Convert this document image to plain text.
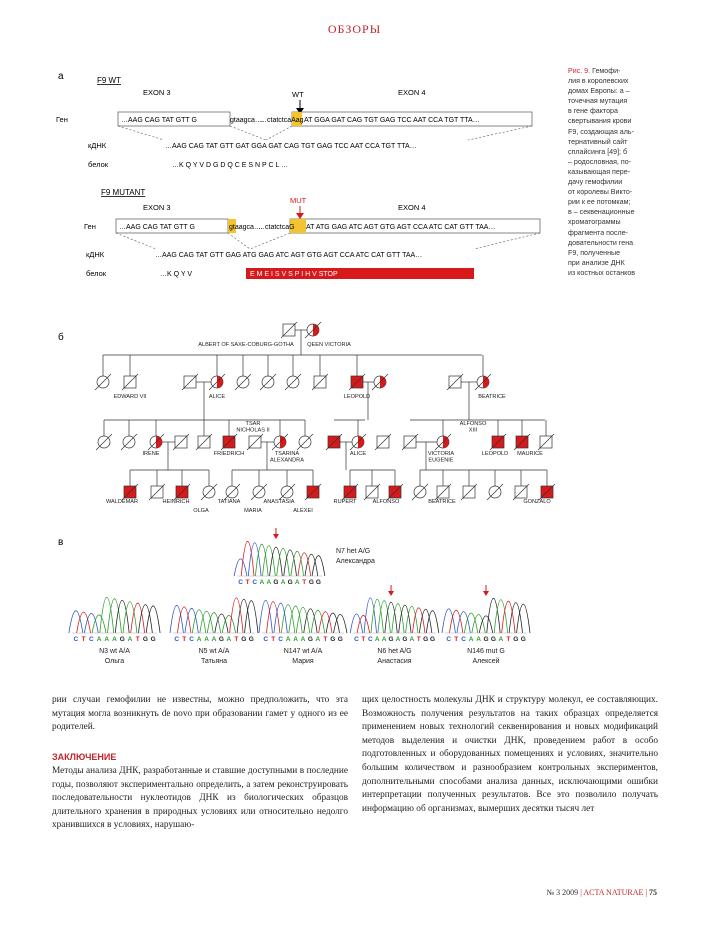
ОБЗОРЫ
а	F9 WT
EXON 3	EXON 4
WT
Ген	…AAG CAG TAT GTT G	gtaagca….
…ctatctcaAag AT GGA GAT CAG TGT GAG TCC AAT CCA TGT TTA…
кДНК	…AAG CAG TAT GTT GAT GGA GAT CAG TGT GAG TCC AAT CCA TGT TTA…
белок	…K Q Y V D G D Q C E S N P C L …
F9 MUTANT
EXON 3	EXON 4
MUT
Ген	…AAG CAG TAT GTT G	gtaagca….
…ctatctcaG AT ATG GAG ATC AGT GTG AGT CCA ATC CAT GTT TAA…
кДНК	…AAG CAG TAT GTT GAG ATG GAG ATC AGT GTG AGT CCA ATC CAT GTT TAA…
белок	…K Q Y V	E M E I S V S P I H V STOP
б
ALBERT OF SAXE-COBURG-GOTHA QEEN VICTORIA
EDWARD VII	ALICE	LEOPOLD	BEATRICE
TSAR NICHOLAS II
ALFONSO XIII
IRENE	FRIEDRICH	TSARINA ALEXANDRA
ALICE	VICTORIA EUGENIE
LEOPOLD MAURICE
WALDEMAR	HEINRICH
OLGA
TATIANA
MARIA
ANASTASIA
ALEXEI
RUPERT	ALFONSO	BEATRICE	GONZALO
в
C T C A A G A G A T G G
N7 het A/G
Александра
C T C A A A G A T G G
N3 wt A/A
Ольга
C T C A A A G A T G G
N5 wt A/A
Татьяна
C T C A A A G A T G G
N147 wt A/A
Мария
C T C A A G A G A T G G
N6 het A/G
Анастасия
C T C A A G G A T G G
N146 mut G
Алексей
Рис. 9. Гемофи-
лия в королевских
домах Европы: а –
точечная мутация
в гене фактора
свертывания крови
F9, создающая аль-
тернативный сайт
сплайсинга [49]; б
– родословная, по-
казывающая пере-
дачу гемофилии
от королевы Викто-
рии к ее потомкам;
в – секвенационные
хроматограммы
фрагмента после-
довательности гена
F9, полученные
при анализе ДНК
из костных останков
рии случаи гемофилии не известны, можно предположить, что эта мутация могла возникнуть de novo при образовании гамет у одного из ее родителей.
ЗАКЛЮЧЕНИЕ
Методы анализа ДНК, разработанные и ставшие доступными в последние годы, позволяют экспериментально определить, а затем реконструировать последовательности нуклеотидов ДНК из биологических образцов длительного хранения в природных условиях или относительно недолго хранившихся в условиях, нарушаю-
щих целостность молекулы ДНК и структуру молекул, ее составляющих. Возможность получения результатов на таких образцах определяется применением новых технологий секвенирования и новых модификаций методов выделения и очистки ДНК, проведением работ в особо подготовленных и оборудованных помещениях и условиях, значительно большим количеством и разнообразием контрольных экспериментов, дополнительными способами анализа данных, исключающими ошибки интерпретации полученных результатов. Все это позволило получать информацию об организмах, вымерших десятки тысяч лет
№ 3 2009 | ACTA NATURAE | 75
